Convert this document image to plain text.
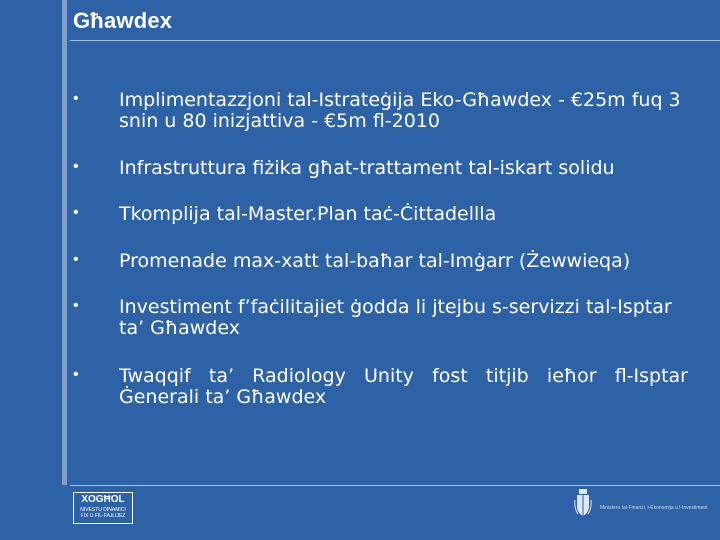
Għawdex
• Implimentazzjoni tal-Istrateġija Eko-Għawdex - €25m fuq 3 snin u 80 inizjattiva - €5m fl-2010
• Infrastruttura fiżika għat-trattament tal-iskart solidu
• Tkomplija tal-Master.Plan taċ-Ċittadellla
• Promenade max-xatt tal-baħar tal-Imġarr (Żewwieqa)
• Investiment f’faċilitajiet ġodda li jtejbu s-servizzi tal-Isptar ta’ Għawdex
• Twaqqif ta’ Radiology Unity fost titjib ieħor fl-Isptar Ġenerali ta’ Għawdex
XOGĦOL
NIVESTU DINAMICI FIX U FIL-FAJLIJEZ
Ministeru tal-Finanzi, l-Ekonomija u l-Investiment
